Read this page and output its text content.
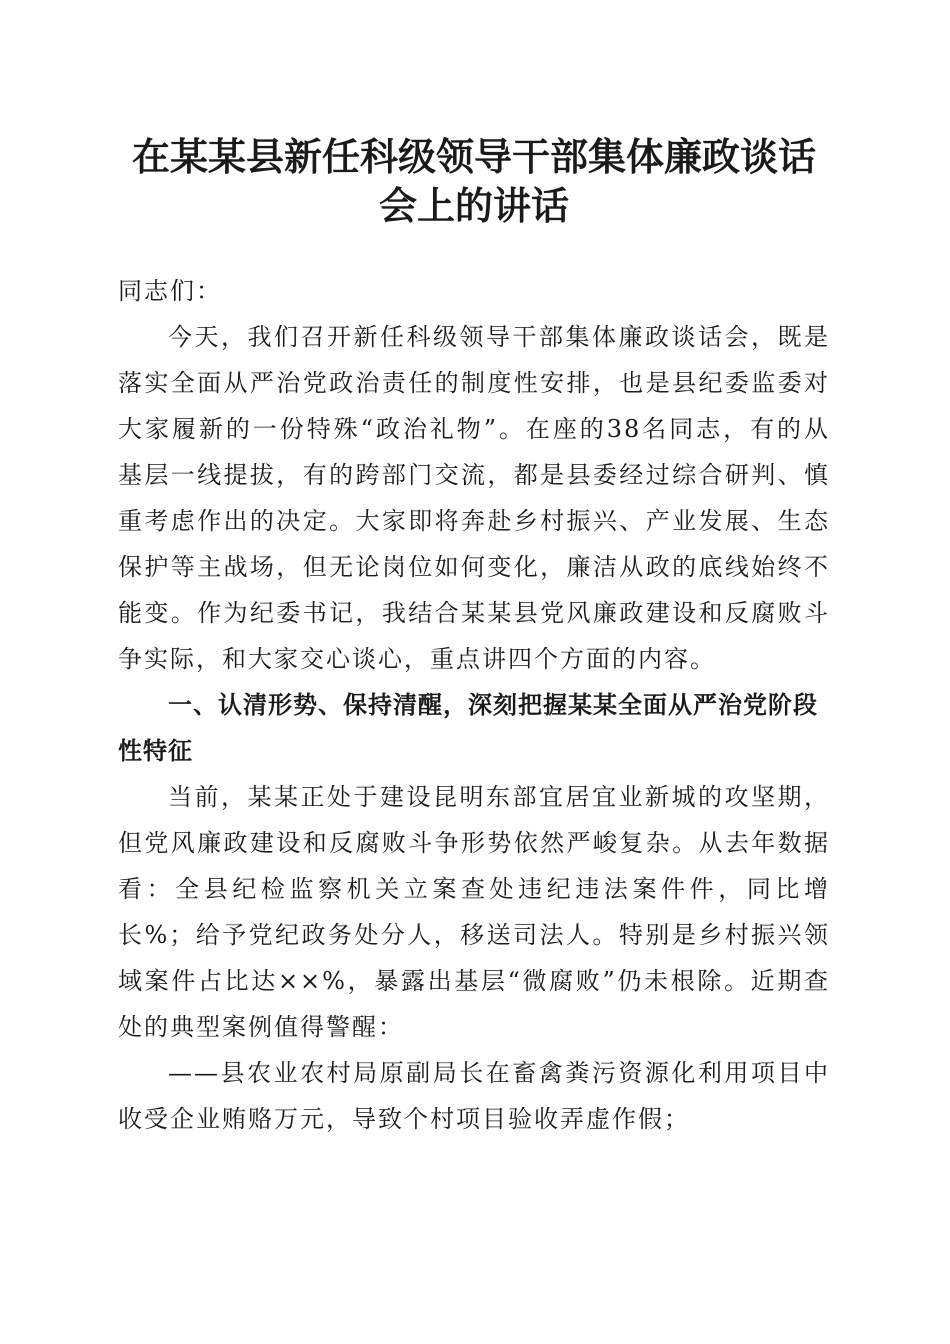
在某某县新任科级领导干部集体廉政谈话会上的讲话

同志们：

今天，我们召开新任科级领导干部集体廉政谈话会，既是落实全面从严治党政治责任的制度性安排，也是县纪委监委对大家履新的一份特殊“政治礼物”。在座的38名同志，有的从基层一线提拔，有的跨部门交流，都是县委经过综合研判、慎重考虑作出的决定。大家即将奔赴乡村振兴、产业发展、生态保护等主战场，但无论岗位如何变化，廉洁从政的底线始终不能变。作为纪委书记，我结合某某县党风廉政建设和反腐败斗争实际，和大家交心谈心，重点讲四个方面的内容。

一、认清形势、保持清醒，深刻把握某某全面从严治党阶段性特征

当前，某某正处于建设昆明东部宜居宜业新城的攻坚期，但党风廉政建设和反腐败斗争形势依然严峻复杂。从去年数据看：全县纪检监察机关立案查处违纪违法案件件，同比增长%；给予党纪政务处分人，移送司法人。特别是乡村振兴领域案件占比达××%，暴露出基层“微腐败”仍未根除。近期查处的典型案例值得警醒：

——县农业农村局原副局长在畜禽粪污资源化利用项目中收受企业贿赂万元，导致个村项目验收弄虚作假；
